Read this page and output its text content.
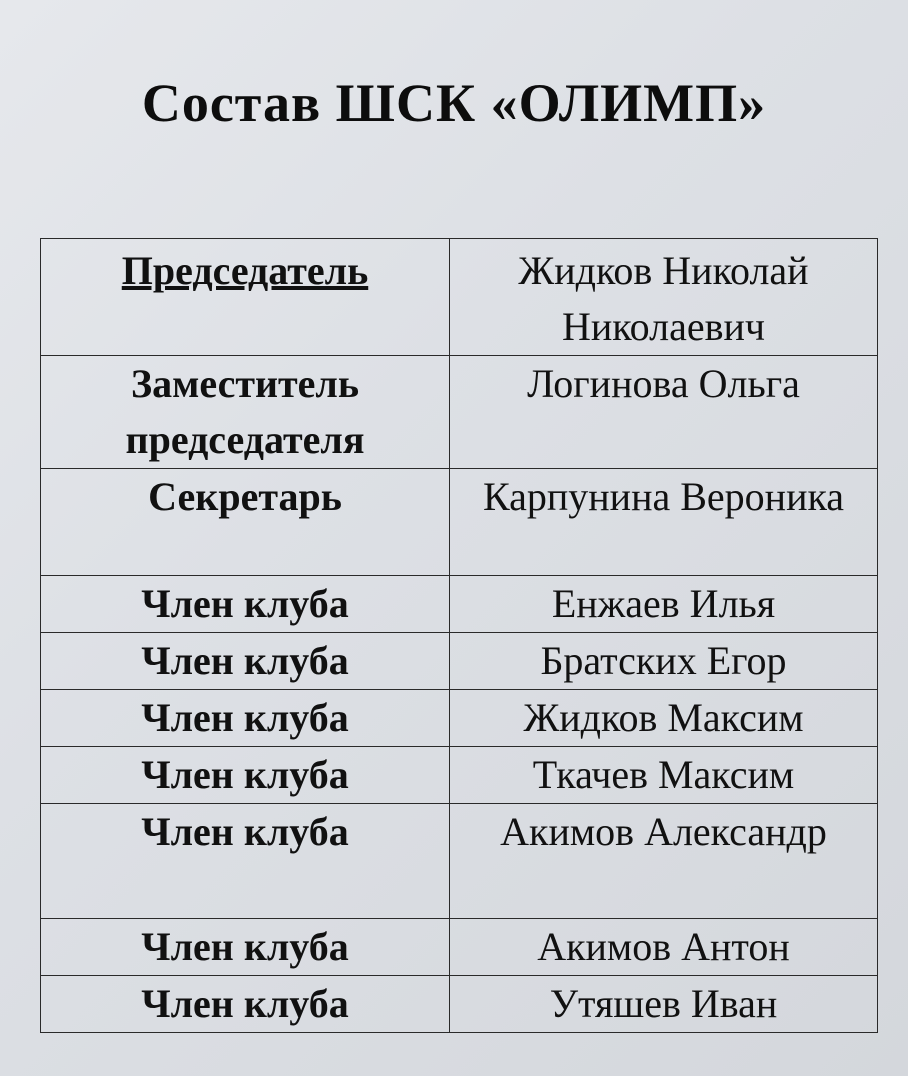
Состав ШСК «ОЛИМП»
Председатель	Жидков Николай Николаевич
Заместитель председателя	Логинова Ольга
Секретарь	Карпунина Вероника
Член клуба	Енжаев Илья
Член клуба	Братских Егор
Член клуба	Жидков Максим
Член клуба	Ткачев Максим
Член клуба	Акимов Александр
Член клуба	Акимов Антон
Член клуба	Утяшев Иван
